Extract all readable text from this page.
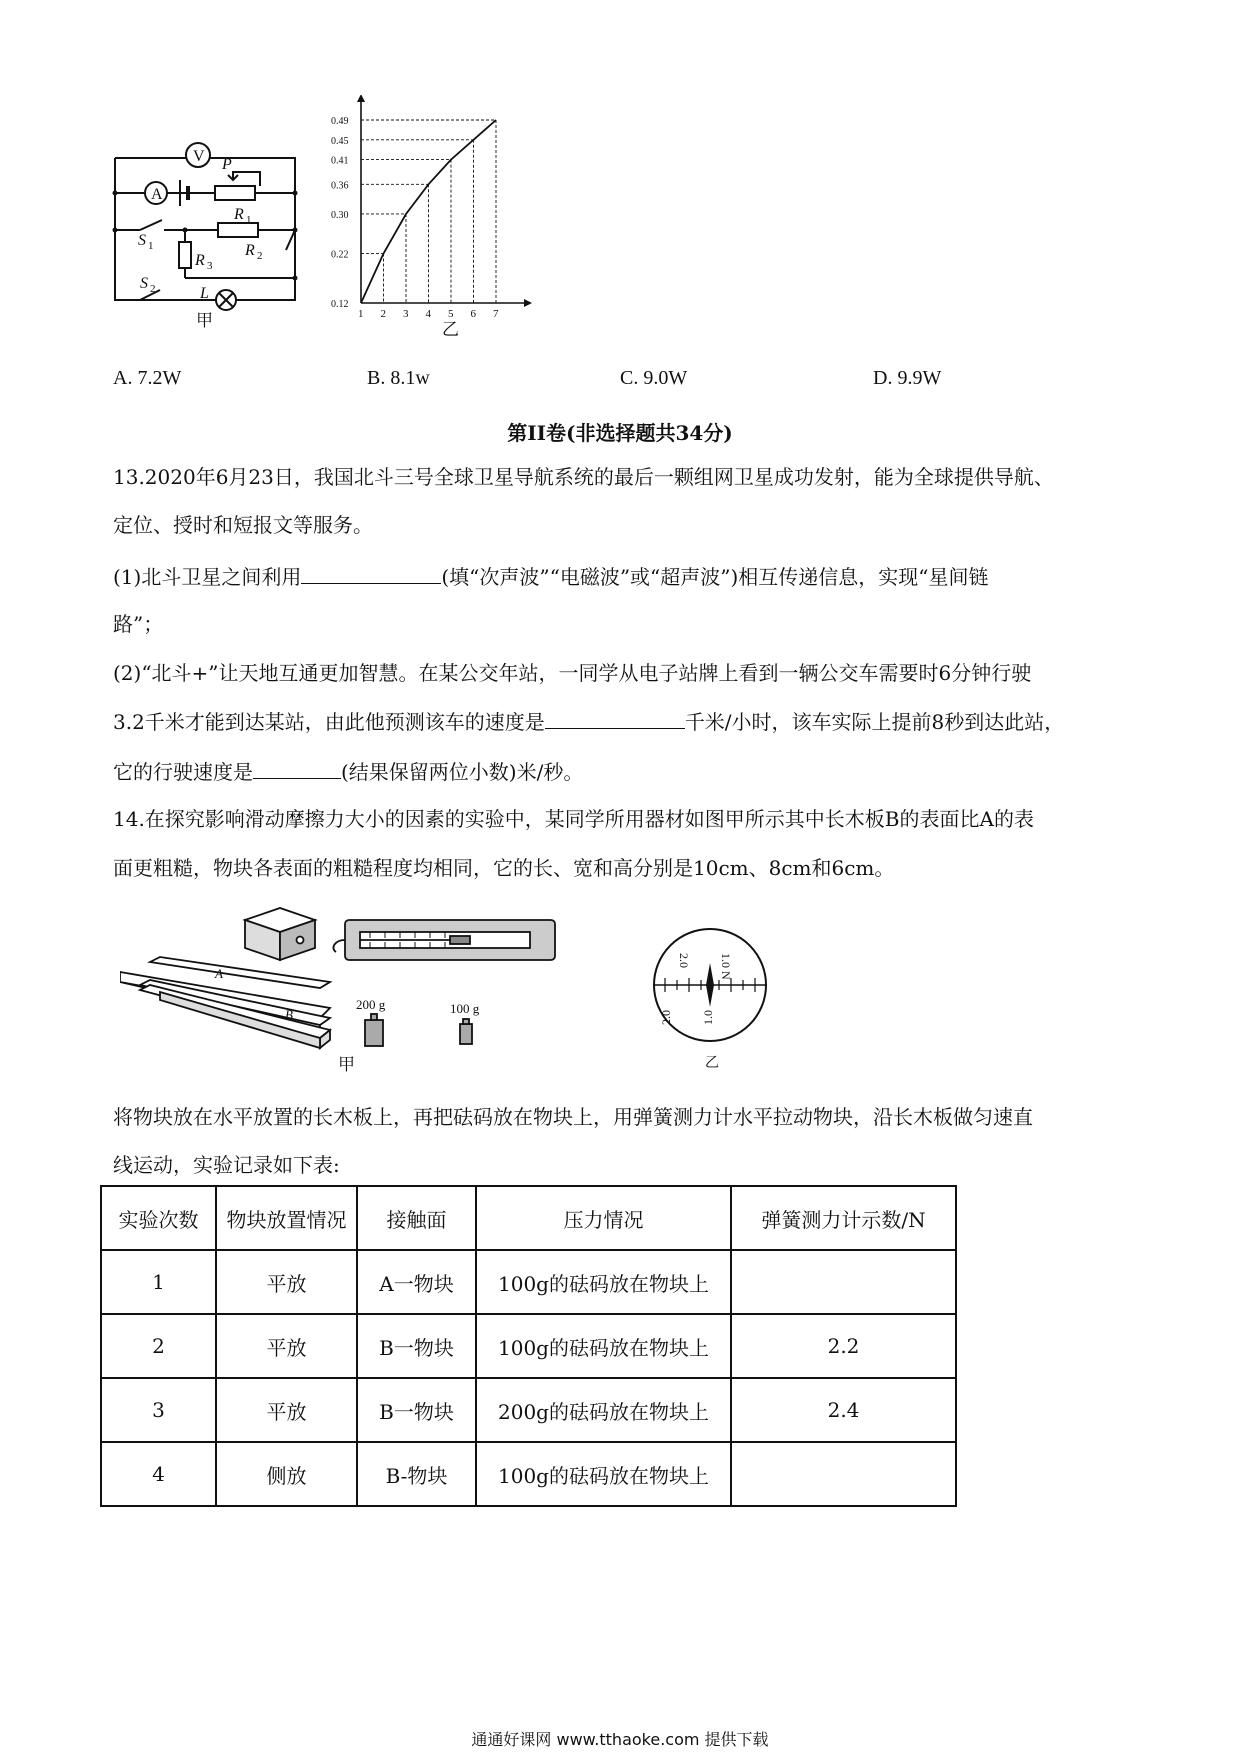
V
A
P
R 1
R 2
R 3
S 1
S 2	L
甲	1 2 3 4 5 6 7
0.12
0.22
0.30
0.36
0.41
0.45
0.49
乙
A. 7.2W	B. 8.1w	C. 9.0W	D. 9.9W
第II卷(非选择题共34分)
13.2020年6月23日，我国北斗三号全球卫星导航系统的最后一颗组网卫星成功发射，能为全球提供导航、
定位、授时和短报文等服务。
(1)北斗卫星之间利用	(填“次声波”“电磁波”或“超声波”)相互传递信息，实现“星间链
路”；
(2)“北斗+”让天地互通更加智慧。在某公交年站，一同学从电子站牌上看到一辆公交车需要时6分钟行驶
3.2千米才能到达某站，由此他预测该车的速度是	千米/小时，该车实际上提前8秒到达此站，
它的行驶速度是	(结果保留两位小数)米/秒。
14.在探究影响滑动摩擦力大小的因素的实验中，某同学所用器材如图甲所示其中长木板B的表面比A的表
面更粗糙，物块各表面的粗糙程度均相同，它的长、宽和高分别是10cm、8cm和6cm。
A
B
200 g	100 g
甲
1.0 N
2.0
2.0 1.0
乙
将物块放在水平放置的长木板上，再把砝码放在物块上，用弹簧测力计水平拉动物块，沿长木板做匀速直
线运动，实验记录如下表:
实验次数	物块放置情况	接触面	压力情况	弹簧测力计示数/N
1	平放	A一物块	100g的砝码放在物块上	
2	平放	B一物块	100g的砝码放在物块上	2.2
3	平放	B一物块	200g的砝码放在物块上	2.4
4	侧放	B-物块	100g的砝码放在物块上	
通通好课网 www.tthaoke.com 提供下载
